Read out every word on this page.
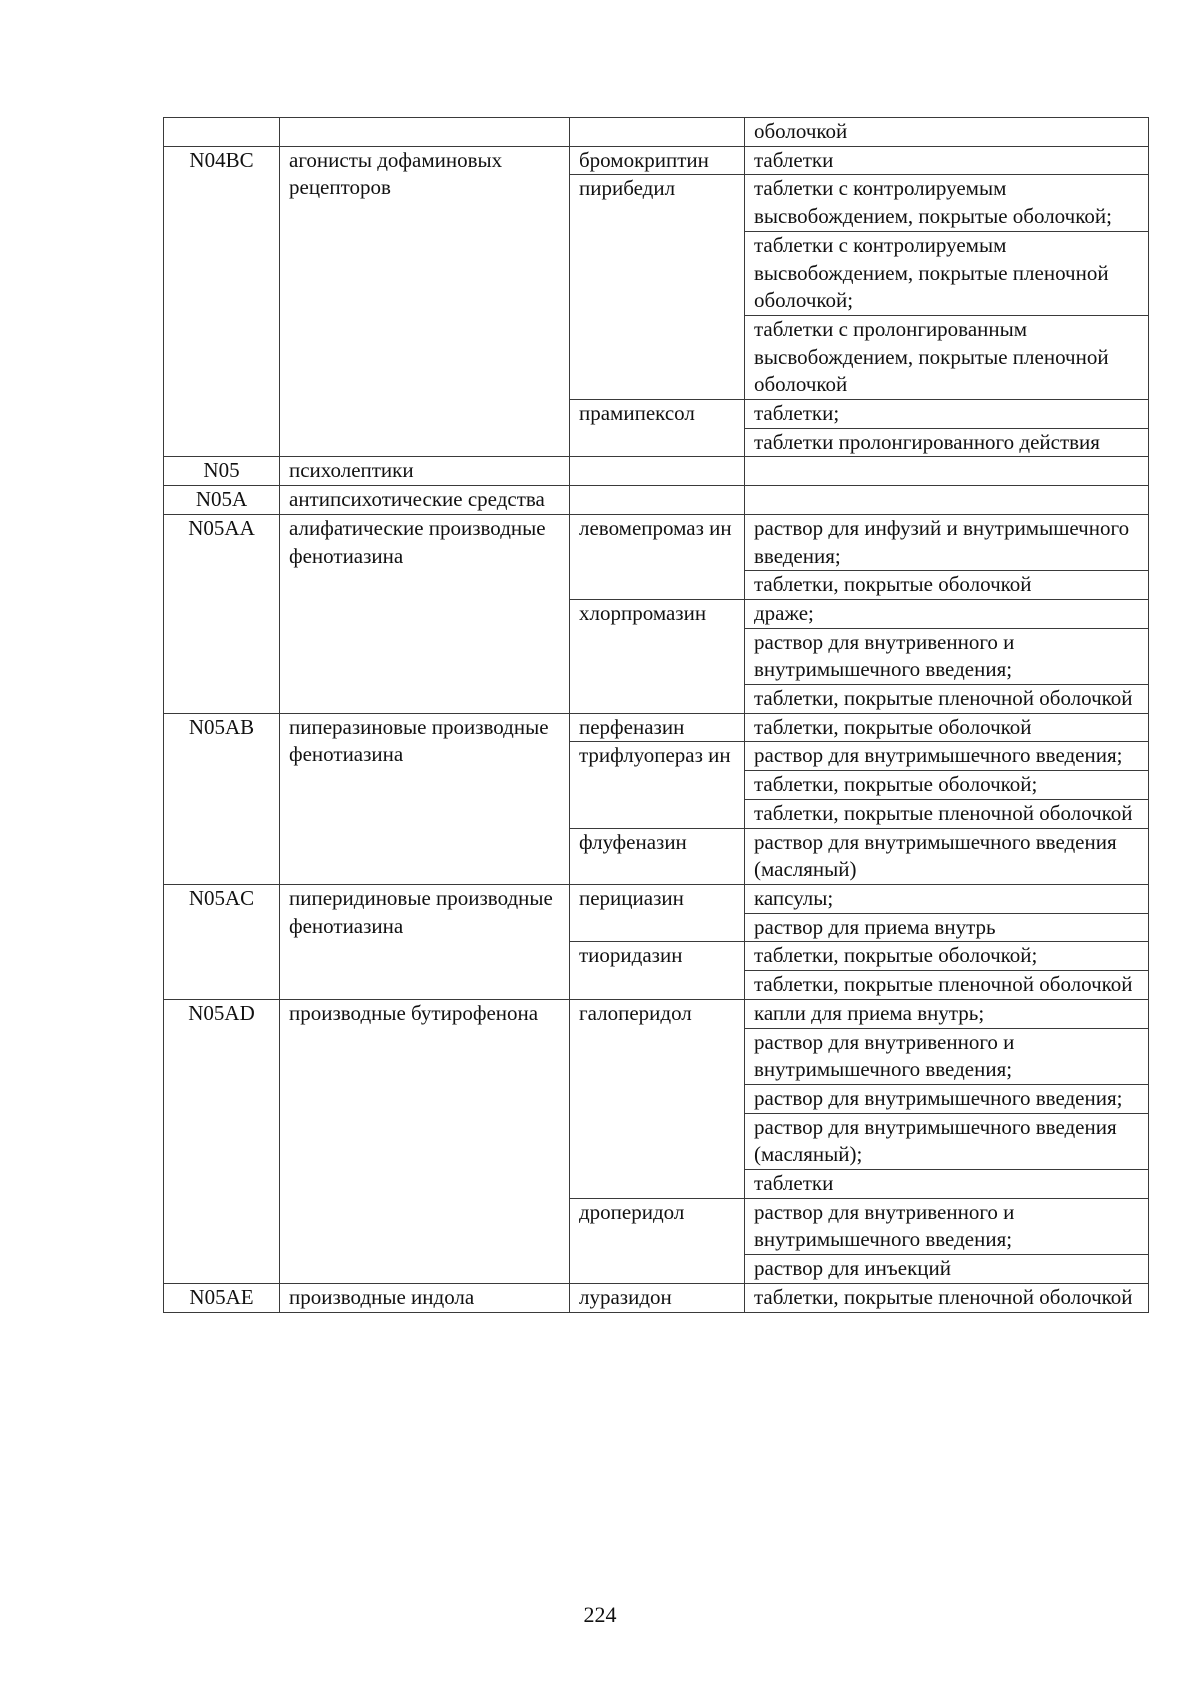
			оболочкой
N04BC	агонисты дофаминовых рецепторов	бромокриптин	таблетки
		пирибедил	таблетки с контролируемым высвобождением, покрытые оболочкой;
			таблетки с контролируемым высвобождением, покрытые пленочной оболочкой;
			таблетки с пролонгированным высвобождением, покрытые пленочной оболочкой
		прамипексол	таблетки;
			таблетки пролонгированного действия
N05	психолептики		
N05A	антипсихотические средства		
N05AA	алифатические производные фенотиазина	левомепромаз ин	раствор для инфузий и внутримышечного введения;
			таблетки, покрытые оболочкой
		хлорпромазин	драже;
			раствор для внутривенного и внутримышечного введения;
			таблетки, покрытые пленочной оболочкой
N05AB	пиперазиновые производные фенотиазина	перфеназин	таблетки, покрытые оболочкой
		трифлуопераз ин	раствор для внутримышечного введения;
			таблетки, покрытые оболочкой;
			таблетки, покрытые пленочной оболочкой
		флуфеназин	раствор для внутримышечного введения (масляный)
N05AC	пиперидиновые производные фенотиазина	перициазин	капсулы;
			раствор для приема внутрь
		тиоридазин	таблетки, покрытые оболочкой;
			таблетки, покрытые пленочной оболочкой
N05AD	производные бутирофенона	галоперидол	капли для приема внутрь;
			раствор для внутривенного и внутримышечного введения;
			раствор для внутримышечного введения;
			раствор для внутримышечного введения (масляный);
			таблетки
		дроперидол	раствор для внутривенного и внутримышечного введения;
			раствор для инъекций
N05AE	производные индола	луразидон	таблетки, покрытые пленочной оболочкой
224
